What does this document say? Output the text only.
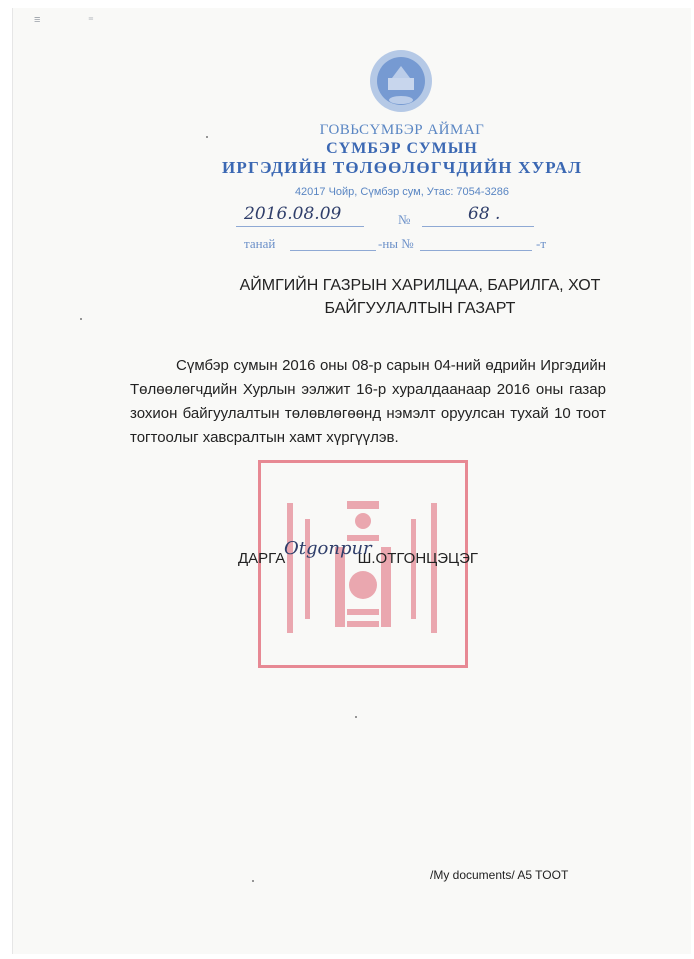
≡	⁼
ГОВЬСҮМБЭР АЙМАГ
СҮМБЭР СУМЫН
ИРГЭДИЙН ТӨЛӨӨЛӨГЧДИЙН ХУРАЛ
42017 Чойр, Сүмбэр сум, Утас: 7054-3286
2016.08.09	№	68 .
танай	-ны №	-т
АЙМГИЙН ГАЗРЫН ХАРИЛЦАА, БАРИЛГА, ХОТ
БАЙГУУЛАЛТЫН ГАЗАРТ
Сүмбэр сумын 2016 оны 08-р сарын 04-ний өдрийн Иргэдийн Төлөөлөгчдийн Хурлын ээлжит 16-р хуралдаанаар 2016 оны газар зохион байгуулалтын төлөвлөгөөнд нэмэлт оруулсан тухай 10 тоот тогтоолыг хавсралтын хамт хүргүүлэв.
ДАРГА	Ш.ОТГОНЦЭЦЭГ
Otgonpur
/My documents/ A5 TOOT
